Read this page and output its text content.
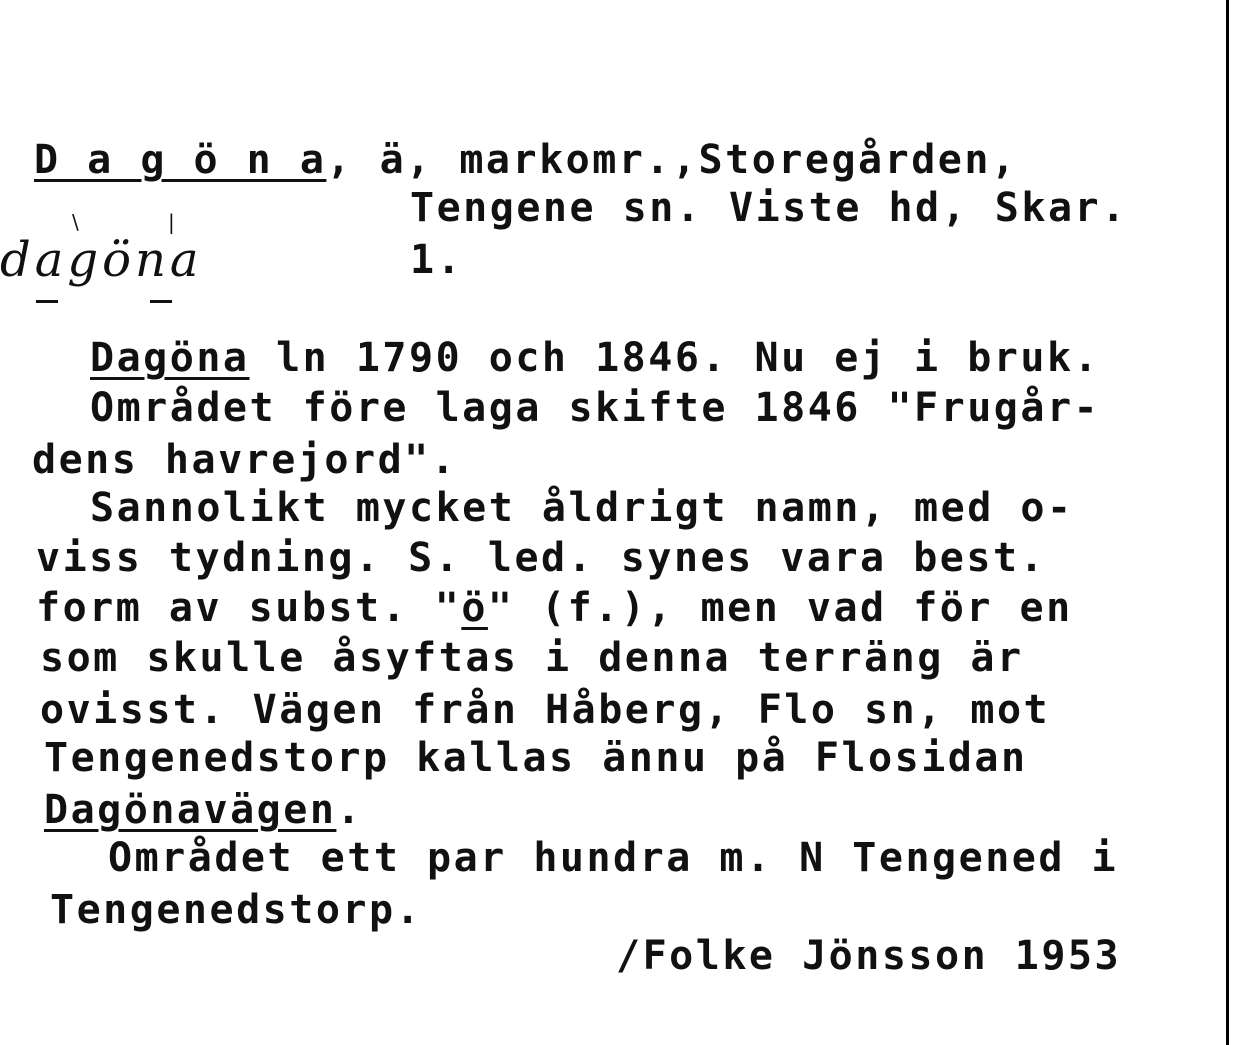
D a g ö n a, ä, markomr.,Storegården,
Tengene sn. Viste hd, Skar.
1.
dagöna
\	|
Dagöna ln 1790 och 1846. Nu ej i bruk.
Området före laga skifte 1846 "Frugår-
dens havrejord".
Sannolikt mycket åldrigt namn, med o-
viss tydning. S. led. synes vara best.
form av subst. "ö" (f.), men vad för en
som skulle åsyftas i denna terräng är
ovisst. Vägen från Håberg, Flo sn, mot
Tengenedstorp kallas ännu på Flosidan
Dagönavägen.
Området ett par hundra m. N Tengened i
Tengenedstorp.
/Folke Jönsson 1953
